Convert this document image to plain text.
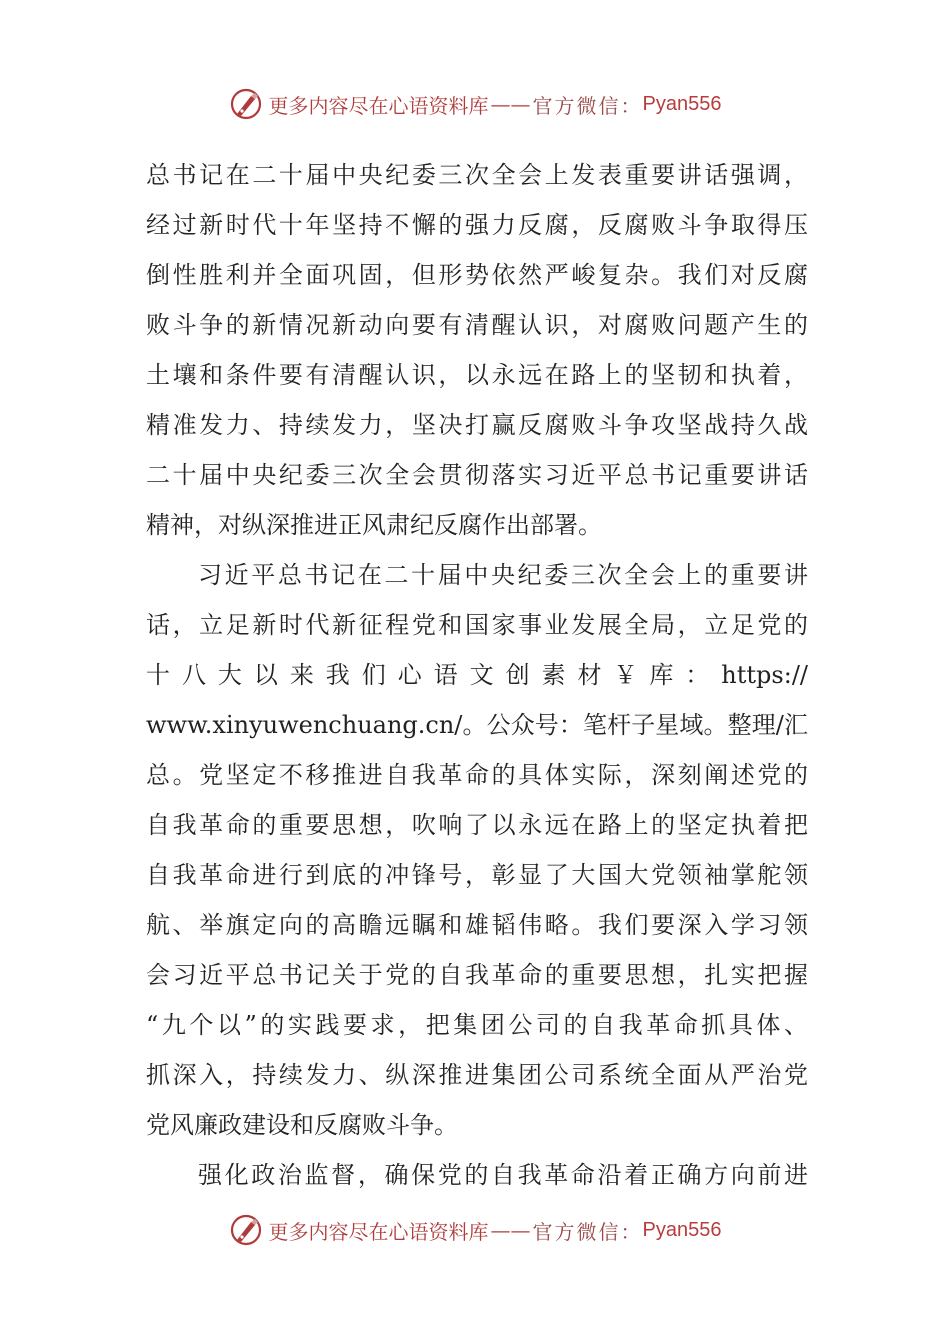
更多内容尽在心语资料库 —— 官方微信： Pyan556
总书记在二十届中央纪委三次全会上发表重要讲话强调，
经过新时代十年坚持不懈的强力反腐，反腐败斗争取得压
倒性胜利并全面巩固，但形势依然严峻复杂。我们对反腐
败斗争的新情况新动向要有清醒认识，对腐败问题产生的
土壤和条件要有清醒认识，以永远在路上的坚韧和执着，
精准发力、持续发力，坚决打赢反腐败斗争攻坚战持久战
二十届中央纪委三次全会贯彻落实习近平总书记重要讲话
精神，对纵深推进正风肃纪反腐作出部署。
习近平总书记在二十届中央纪委三次全会上的重要讲
话，立足新时代新征程党和国家事业发展全局，立足党的
十 八 大 以 来 我 们 心 语 文 创 素 材 ￥ 库 ： https://
www.xinyuwenchuang.cn/。公众号：笔杆子星域。整理/汇
总。党坚定不移推进自我革命的具体实际，深刻阐述党的
自我革命的重要思想，吹响了以永远在路上的坚定执着把
自我革命进行到底的冲锋号，彰显了大国大党领袖掌舵领
航、举旗定向的高瞻远瞩和雄韬伟略。我们要深入学习领
会习近平总书记关于党的自我革命的重要思想，扎实把握
“九个以”的实践要求，把集团公司的自我革命抓具体、
抓深入，持续发力、纵深推进集团公司系统全面从严治党
党风廉政建设和反腐败斗争。
强化政治监督，确保党的自我革命沿着正确方向前进
更多内容尽在心语资料库 —— 官方微信： Pyan556
